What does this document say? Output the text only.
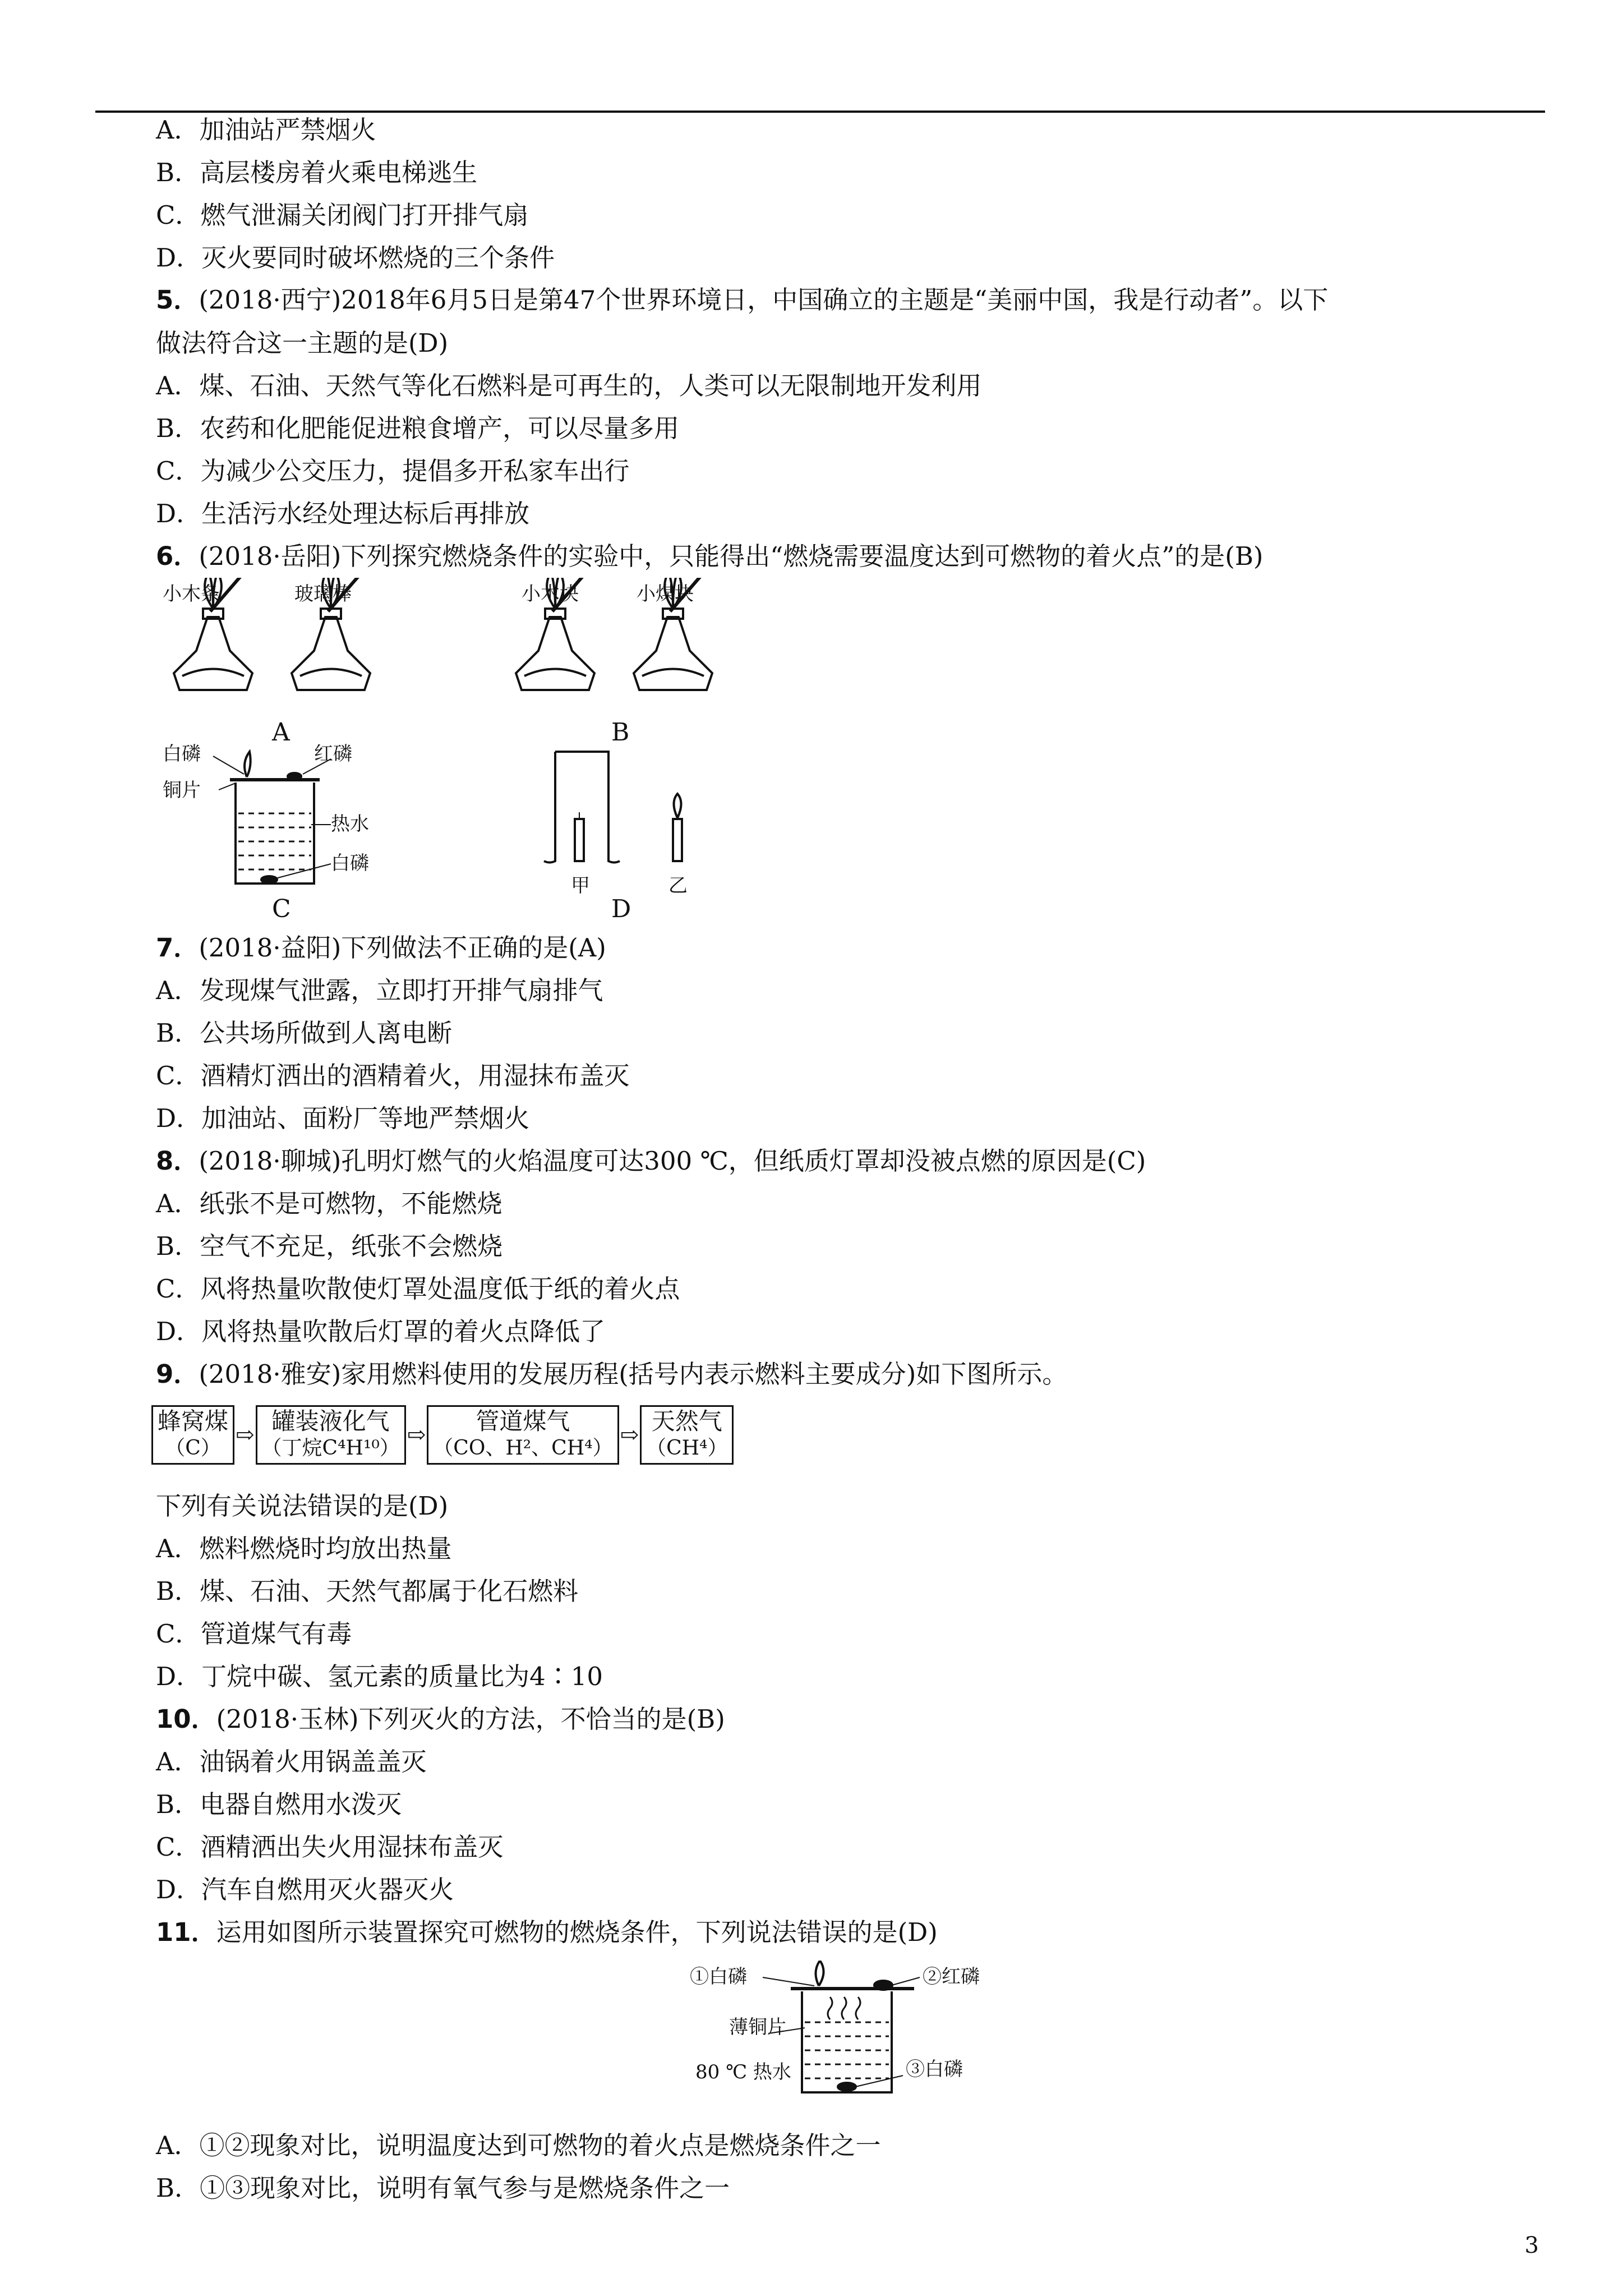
A．加油站严禁烟火
B．高层楼房着火乘电梯逃生
C．燃气泄漏关闭阀门打开排气扇
D．灭火要同时破坏燃烧的三个条件
5．(2018·西宁)2018年6月5日是第47个世界环境日，中国确立的主题是“美丽中国，我是行动者”。以下
做法符合这一主题的是(D)
A．煤、石油、天然气等化石燃料是可再生的，人类可以无限制地开发利用
B．农药和化肥能促进粮食增产，可以尽量多用
C．为减少公交压力，提倡多开私家车出行
D．生活污水经处理达标后再排放
6．(2018·岳阳)下列探究燃烧条件的实验中，只能得出“燃烧需要温度达到可燃物的着火点”的是(B)
小木条	玻璃棒
A
小木块	小煤块
B
白磷	红磷
铜片
热水
白磷
C
甲	乙
D
7．(2018·益阳)下列做法不正确的是(A)
A．发现煤气泄露，立即打开排气扇排气
B．公共场所做到人离电断
C．酒精灯洒出的酒精着火，用湿抹布盖灭
D．加油站、面粉厂等地严禁烟火
8．(2018·聊城)孔明灯燃气的火焰温度可达300 ℃，但纸质灯罩却没被点燃的原因是(C)
A．纸张不是可燃物，不能燃烧
B．空气不充足，纸张不会燃烧
C．风将热量吹散使灯罩处温度低于纸的着火点
D．风将热量吹散后灯罩的着火点降低了
9．(2018·雅安)家用燃料使用的发展历程(括号内表示燃料主要成分)如下图所示。
蜂窝煤
（C）
⇨ 罐装液化气
（丁烷C⁴H¹⁰）
⇨	管道煤气
（CO、H²、CH⁴）
⇨ 天然气
（CH⁴）
下列有关说法错误的是(D)
A．燃料燃烧时均放出热量
B．煤、石油、天然气都属于化石燃料
C．管道煤气有毒
D．丁烷中碳、氢元素的质量比为4∶10
10．(2018·玉林)下列灭火的方法，不恰当的是(B)
A．油锅着火用锅盖盖灭
B．电器自燃用水泼灭
C．酒精洒出失火用湿抹布盖灭
D．汽车自燃用灭火器灭火
11．运用如图所示装置探究可燃物的燃烧条件，下列说法错误的是(D)
①白磷	②红磷
薄铜片
80 ℃ 热水	③白磷
A．①②现象对比，说明温度达到可燃物的着火点是燃烧条件之一
B．①③现象对比，说明有氧气参与是燃烧条件之一
3
